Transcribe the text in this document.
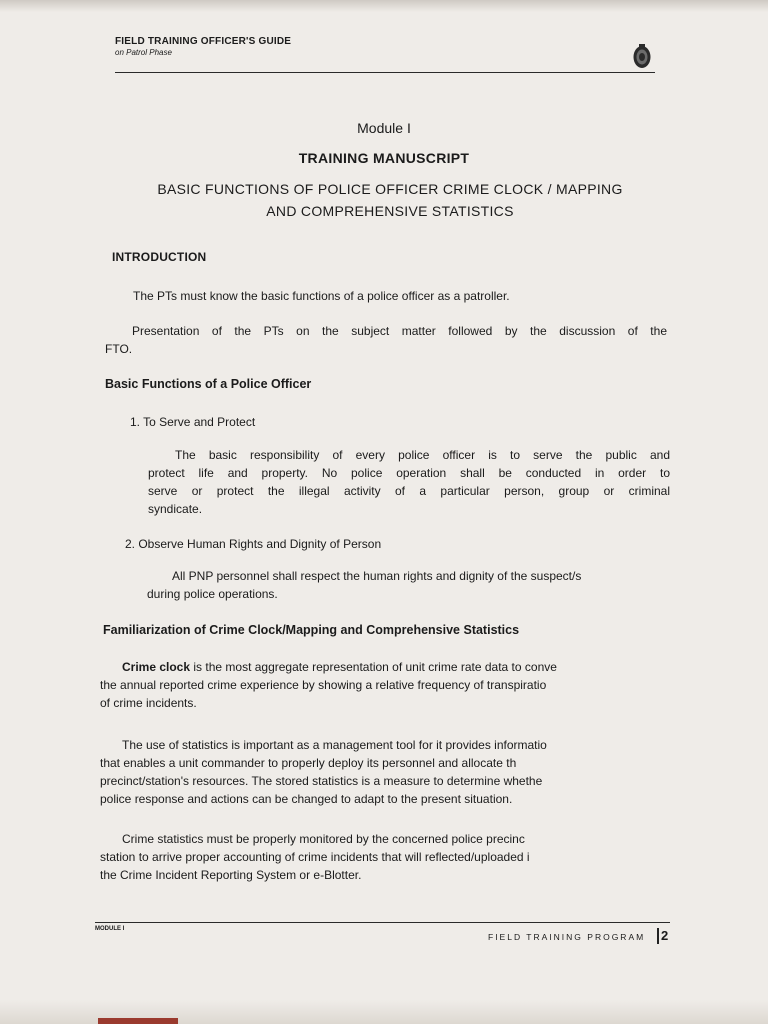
FIELD TRAINING OFFICER'S GUIDE
on Patrol Phase
Module I
TRAINING MANUSCRIPT
BASIC FUNCTIONS OF POLICE OFFICER CRIME CLOCK / MAPPING
AND COMPREHENSIVE STATISTICS
INTRODUCTION
The PTs must know the basic functions of a police officer as a patroller.
Presentation of the PTs on the subject matter followed by the discussion of the
FTO.
Basic Functions of a Police Officer
1. To Serve and Protect
The basic responsibility of every police officer is to serve the public and
protect life and property. No police operation shall be conducted in order to
serve or protect the illegal activity of a particular person, group or criminal
syndicate.
2. Observe Human Rights and Dignity of Person
All PNP personnel shall respect the human rights and dignity of the suspect/s
during police operations.
Familiarization of Crime Clock/Mapping and Comprehensive Statistics
Crime clock is the most aggregate representation of unit crime rate data to conve
the annual reported crime experience by showing a relative frequency of transpiratio
of crime incidents.
The use of statistics is important as a management tool for it provides informatio
that enables a unit commander to properly deploy its personnel and allocate th
precinct/station's resources. The stored statistics is a measure to determine whethe
police response and actions can be changed to adapt to the present situation.
Crime statistics must be properly monitored by the concerned police precinc
station to arrive proper accounting of crime incidents that will reflected/uploaded i
the Crime Incident Reporting System or e-Blotter.
MODULE I
FIELD TRAINING PROGRAM 2
